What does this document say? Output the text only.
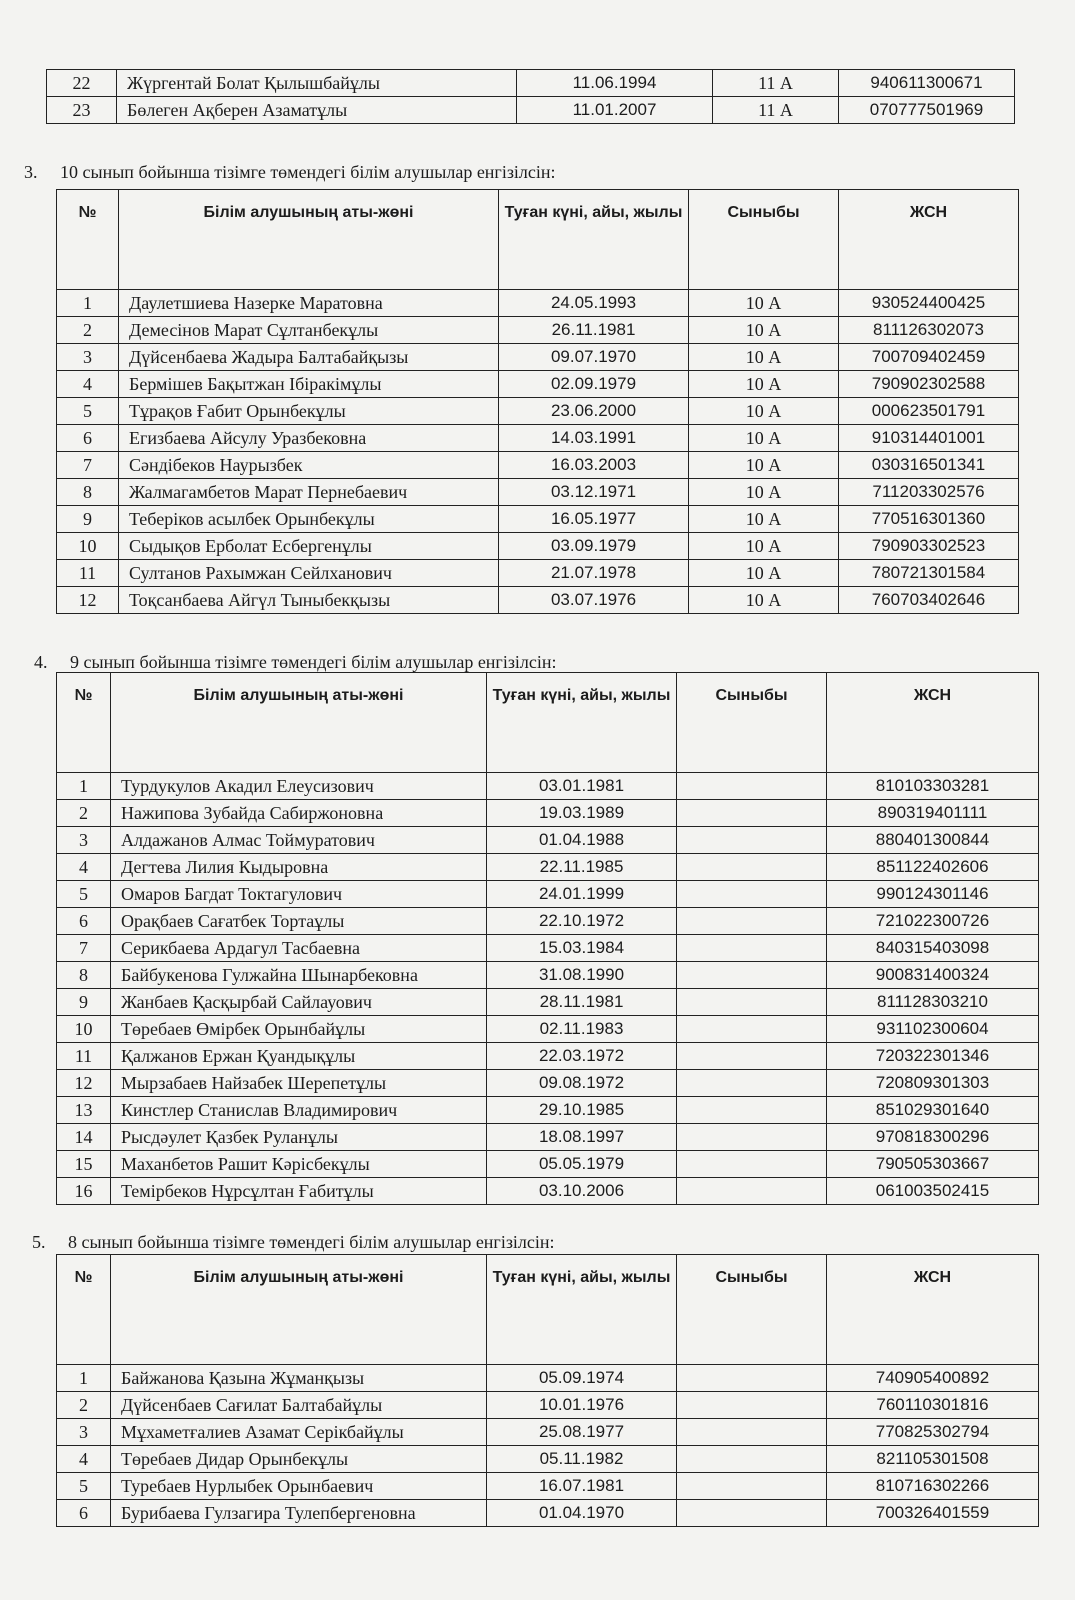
22	Жүргентай Болат Қылышбайұлы	11.06.1994	11 А	940611300671
23	Бөлеген Ақберен Азаматұлы	11.01.2007	11 А	070777501969
3. 10 сынып бойынша тізімге төмендегі білім алушылар енгізілсін:
№	Білім алушының аты-жөні	Туған күні, айы, жылы	Сыныбы	ЖСН
1	Даулетшиева Назерке Маратовна	24.05.1993	10 А	930524400425
2	Демесінов Марат Сұлтанбекұлы	26.11.1981	10 А	811126302073
3	Дүйсенбаева Жадыра Балтабайқызы	09.07.1970	10 А	700709402459
4	Бермішев Бақытжан Ібіракімұлы	02.09.1979	10 А	790902302588
5	Тұрақов Ғабит Орынбекұлы	23.06.2000	10 А	000623501791
6	Егизбаева Айсулу Уразбековна	14.03.1991	10 А	910314401001
7	Сәндібеков Наурызбек	16.03.2003	10 А	030316501341
8	Жалмагамбетов Марат Пернебаевич	03.12.1971	10 А	711203302576
9	Теберіков асылбек Орынбекұлы	16.05.1977	10 А	770516301360
10	Сыдықов Ерболат Есбергенұлы	03.09.1979	10 А	790903302523
11	Султанов Рахымжан Сейлханович	21.07.1978	10 А	780721301584
12	Тоқсанбаева Айгүл Тыныбекқызы	03.07.1976	10 А	760703402646
4. 9 сынып бойынша тізімге төмендегі білім алушылар енгізілсін:
№	Білім алушының аты-жөні	Туған күні, айы, жылы	Сыныбы	ЖСН
1	Турдукулов Акадил Елеусизович	03.01.1981		810103303281
2	Нажипова Зубайда Сабиржоновна	19.03.1989		890319401111
3	Алдажанов Алмас Тоймуратович	01.04.1988		880401300844
4	Дегтева Лилия Кыдыровна	22.11.1985		851122402606
5	Омаров Багдат Токтагулович	24.01.1999		990124301146
6	Орақбаев Сағатбек Тортаұлы	22.10.1972		721022300726
7	Серикбаева Ардагул Тасбаевна	15.03.1984		840315403098
8	Байбукенова Гулжайна Шынарбековна	31.08.1990		900831400324
9	Жанбаев Қасқырбай Сайлауович	28.11.1981		811128303210
10	Төребаев Өмірбек Орынбайұлы	02.11.1983		931102300604
11	Қалжанов Ержан Қуандықұлы	22.03.1972		720322301346
12	Мырзабаев Найзабек Шерепетұлы	09.08.1972		720809301303
13	Кинстлер Станислав Владимирович	29.10.1985		851029301640
14	Рысдәулет Қазбек Руланұлы	18.08.1997		970818300296
15	Маханбетов Рашит Кәрісбекұлы	05.05.1979		790505303667
16	Темірбеков Нұрсұлтан Ғабитұлы	03.10.2006		061003502415
5. 8 сынып бойынша тізімге төмендегі білім алушылар енгізілсін:
№	Білім алушының аты-жөні	Туған күні, айы, жылы	Сыныбы	ЖСН
1	Байжанова Қазына Жұманқызы	05.09.1974		740905400892
2	Дүйсенбаев Сағилат Балтабайұлы	10.01.1976		760110301816
3	Мұхаметғалиев Азамат Серікбайұлы	25.08.1977		770825302794
4	Төребаев Дидар Орынбекұлы	05.11.1982		821105301508
5	Туребаев Нурлыбек Орынбаевич	16.07.1981		810716302266
6	Бурибаева Гулзагира Тулепбергеновна	01.04.1970		700326401559
